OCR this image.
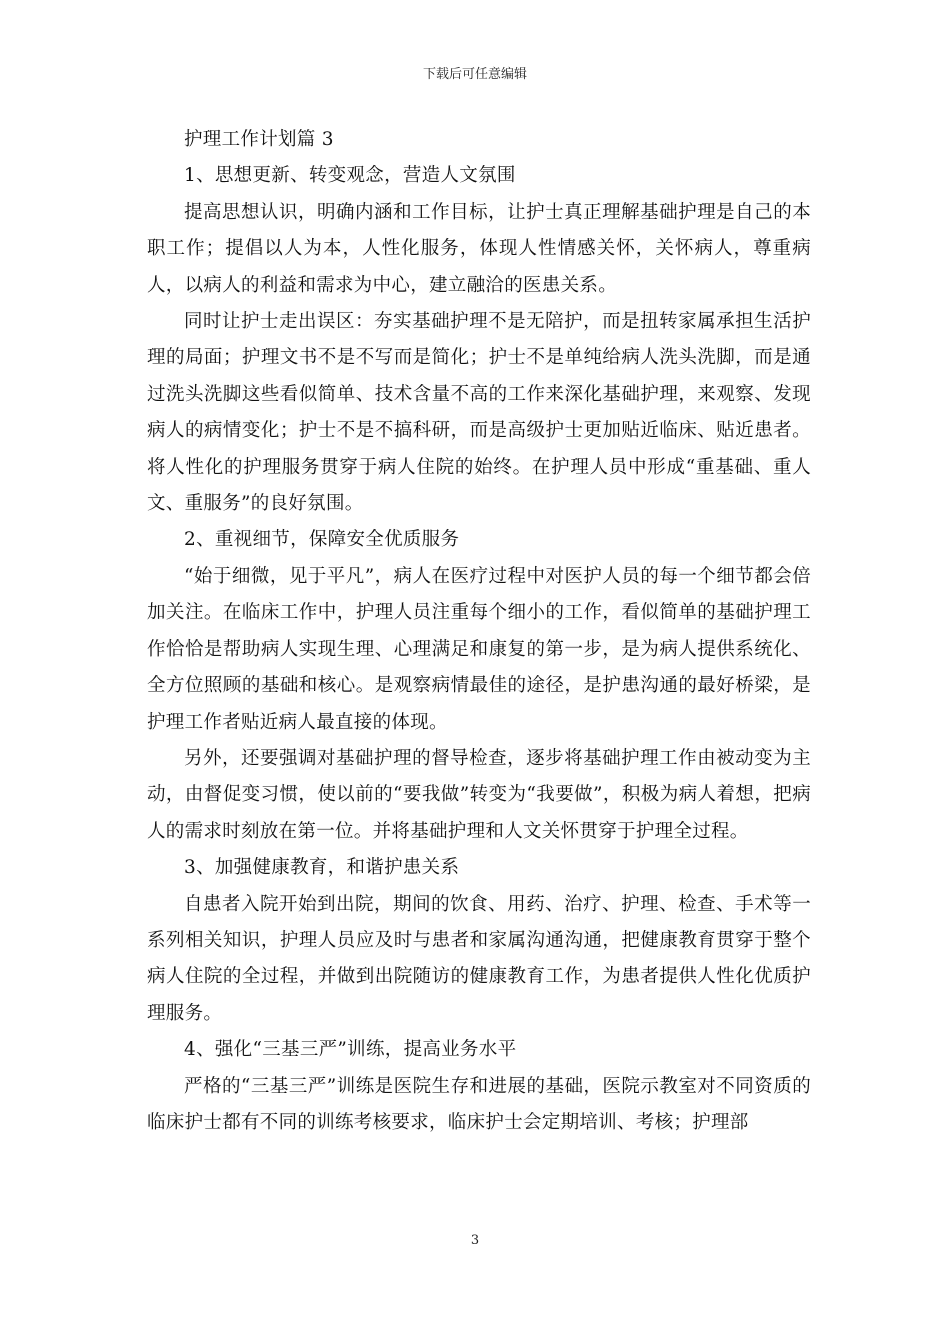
下载后可任意编辑

护理工作计划篇 3

1、思想更新、转变观念，营造人文氛围

提高思想认识，明确内涵和工作目标，让护士真正理解基础护理是自己的本职工作；提倡以人为本，人性化服务，体现人性情感关怀，关怀病人，尊重病人，以病人的利益和需求为中心，建立融洽的医患关系。

同时让护士走出误区：夯实基础护理不是无陪护，而是扭转家属承担生活护理的局面；护理文书不是不写而是简化；护士不是单纯给病人洗头洗脚，而是通过洗头洗脚这些看似简单、技术含量不高的工作来深化基础护理，来观察、发现病人的病情变化；护士不是不搞科研，而是高级护士更加贴近临床、贴近患者。将人性化的护理服务贯穿于病人住院的始终。在护理人员中形成“重基础、重人文、重服务”的良好氛围。

2、重视细节，保障安全优质服务

“始于细微，见于平凡”，病人在医疗过程中对医护人员的每一个细节都会倍加关注。在临床工作中，护理人员注重每个细小的工作，看似简单的基础护理工作恰恰是帮助病人实现生理、心理满足和康复的第一步，是为病人提供系统化、全方位照顾的基础和核心。是观察病情最佳的途径，是护患沟通的最好桥梁，是护理工作者贴近病人最直接的体现。

另外，还要强调对基础护理的督导检查，逐步将基础护理工作由被动变为主动，由督促变习惯，使以前的“要我做”转变为“我要做”，积极为病人着想，把病人的需求时刻放在第一位。并将基础护理和人文关怀贯穿于护理全过程。

3、加强健康教育，和谐护患关系

自患者入院开始到出院，期间的饮食、用药、治疗、护理、检查、手术等一系列相关知识，护理人员应及时与患者和家属沟通沟通，把健康教育贯穿于整个病人住院的全过程，并做到出院随访的健康教育工作，为患者提供人性化优质护理服务。

4、强化“三基三严”训练，提高业务水平

严格的“三基三严”训练是医院生存和进展的基础，医院示教室对不同资质的临床护士都有不同的训练考核要求，临床护士会定期培训、考核；护理部

3
